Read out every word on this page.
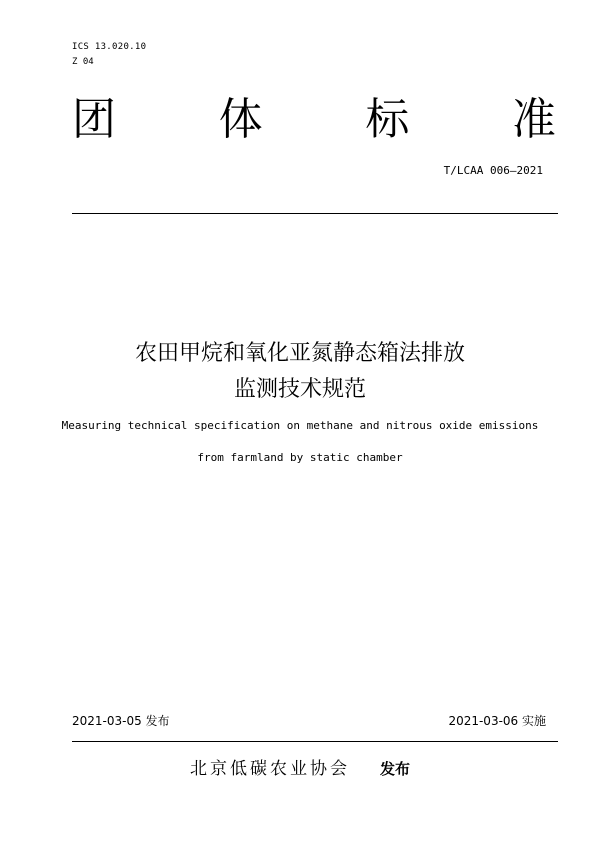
ICS 13.020.10
Z 04
团 体 标 准
T/LCAA 006—2021
农田甲烷和氧化亚氮静态箱法排放
监测技术规范
Measuring technical specification on methane and nitrous oxide emissions
from farmland by static chamber
2021-03-05 发布	2021-03-06 实施
北京低碳农业协会 发布
